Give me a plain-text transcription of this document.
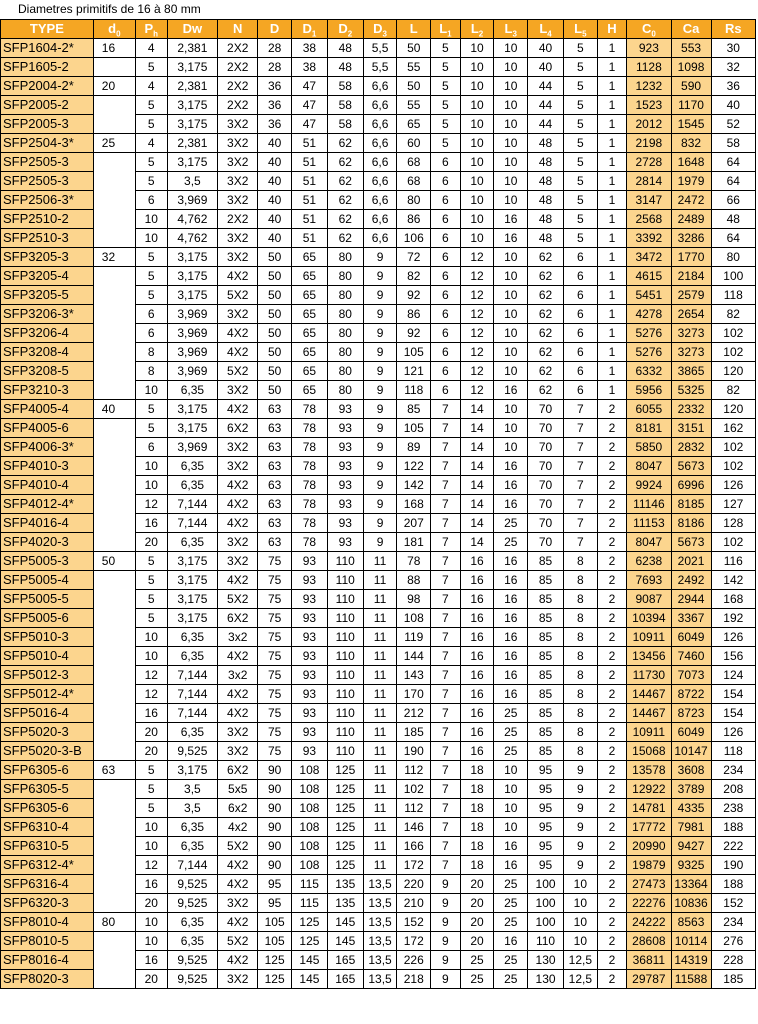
Diametres primitifs de 16 à 80 mm
TYPE	$d_0$	$P_h$	Dw	N	D	$D_1$	$D_2$	$D_3$	L	$L_1$	$L_2$	$L_3$	$L_4$	$L_5$	H	$C_0$	Ca	Rs
SFP1604-2*	16	4	2,381	2X2	28	38	48	5,5	50	5	10	10	40	5	1	923	553	30
SFP1605-2		5	3,175	2X2	28	38	48	5,5	55	5	10	10	40	5	1	1128	1098	32
SFP2004-2*	20	4	2,381	2X2	36	47	58	6,6	50	5	10	10	44	5	1	1232	590	36
SFP2005-2		5	3,175	2X2	36	47	58	6,6	55	5	10	10	44	5	1	1523	1170	40
SFP2005-3		5	3,175	3X2	36	47	58	6,6	65	5	10	10	44	5	1	2012	1545	52
SFP2504-3*	25	4	2,381	3X2	40	51	62	6,6	60	5	10	10	48	5	1	2198	832	58
SFP2505-3		5	3,175	3X2	40	51	62	6,6	68	6	10	10	48	5	1	2728	1648	64
SFP2505-3		5	3,5	3X2	40	51	62	6,6	68	6	10	10	48	5	1	2814	1979	64
SFP2506-3*		6	3,969	3X2	40	51	62	6,6	80	6	10	10	48	5	1	3147	2472	66
SFP2510-2		10	4,762	2X2	40	51	62	6,6	86	6	10	16	48	5	1	2568	2489	48
SFP2510-3		10	4,762	3X2	40	51	62	6,6	106	6	10	16	48	5	1	3392	3286	64
SFP3205-3	32	5	3,175	3X2	50	65	80	9	72	6	12	10	62	6	1	3472	1770	80
SFP3205-4		5	3,175	4X2	50	65	80	9	82	6	12	10	62	6	1	4615	2184	100
SFP3205-5		5	3,175	5X2	50	65	80	9	92	6	12	10	62	6	1	5451	2579	118
SFP3206-3*		6	3,969	3X2	50	65	80	9	86	6	12	10	62	6	1	4278	2654	82
SFP3206-4		6	3,969	4X2	50	65	80	9	92	6	12	10	62	6	1	5276	3273	102
SFP3208-4		8	3,969	4X2	50	65	80	9	105	6	12	10	62	6	1	5276	3273	102
SFP3208-5		8	3,969	5X2	50	65	80	9	121	6	12	10	62	6	1	6332	3865	120
SFP3210-3		10	6,35	3X2	50	65	80	9	118	6	12	16	62	6	1	5956	5325	82
SFP4005-4	40	5	3,175	4X2	63	78	93	9	85	7	14	10	70	7	2	6055	2332	120
SFP4005-6		5	3,175	6X2	63	78	93	9	105	7	14	10	70	7	2	8181	3151	162
SFP4006-3*		6	3,969	3X2	63	78	93	9	89	7	14	10	70	7	2	5850	2832	102
SFP4010-3		10	6,35	3X2	63	78	93	9	122	7	14	16	70	7	2	8047	5673	102
SFP4010-4		10	6,35	4X2	63	78	93	9	142	7	14	16	70	7	2	9924	6996	126
SFP4012-4*		12	7,144	4X2	63	78	93	9	168	7	14	16	70	7	2	11146	8185	127
SFP4016-4		16	7,144	4X2	63	78	93	9	207	7	14	25	70	7	2	11153	8186	128
SFP4020-3		20	6,35	3X2	63	78	93	9	181	7	14	25	70	7	2	8047	5673	102
SFP5005-3	50	5	3,175	3X2	75	93	110	11	78	7	16	16	85	8	2	6238	2021	116
SFP5005-4		5	3,175	4X2	75	93	110	11	88	7	16	16	85	8	2	7693	2492	142
SFP5005-5		5	3,175	5X2	75	93	110	11	98	7	16	16	85	8	2	9087	2944	168
SFP5005-6		5	3,175	6X2	75	93	110	11	108	7	16	16	85	8	2	10394	3367	192
SFP5010-3		10	6,35	3x2	75	93	110	11	119	7	16	16	85	8	2	10911	6049	126
SFP5010-4		10	6,35	4X2	75	93	110	11	144	7	16	16	85	8	2	13456	7460	156
SFP5012-3		12	7,144	3x2	75	93	110	11	143	7	16	16	85	8	2	11730	7073	124
SFP5012-4*		12	7,144	4X2	75	93	110	11	170	7	16	16	85	8	2	14467	8722	154
SFP5016-4		16	7,144	4X2	75	93	110	11	212	7	16	25	85	8	2	14467	8723	154
SFP5020-3		20	6,35	3X2	75	93	110	11	185	7	16	25	85	8	2	10911	6049	126
SFP5020-3-B		20	9,525	3X2	75	93	110	11	190	7	16	25	85	8	2	15068	10147	118
SFP6305-6	63	5	3,175	6X2	90	108	125	11	112	7	18	10	95	9	2	13578	3608	234
SFP6305-5		5	3,5	5x5	90	108	125	11	102	7	18	10	95	9	2	12922	3789	208
SFP6305-6		5	3,5	6x2	90	108	125	11	112	7	18	10	95	9	2	14781	4335	238
SFP6310-4		10	6,35	4x2	90	108	125	11	146	7	18	10	95	9	2	17772	7981	188
SFP6310-5		10	6,35	5X2	90	108	125	11	166	7	18	16	95	9	2	20990	9427	222
SFP6312-4*		12	7,144	4X2	90	108	125	11	172	7	18	16	95	9	2	19879	9325	190
SFP6316-4		16	9,525	4X2	95	115	135	13,5	220	9	20	25	100	10	2	27473	13364	188
SFP6320-3		20	9,525	3X2	95	115	135	13,5	210	9	20	25	100	10	2	22276	10836	152
SFP8010-4	80	10	6,35	4X2	105	125	145	13,5	152	9	20	25	100	10	2	24222	8563	234
SFP8010-5		10	6,35	5X2	105	125	145	13,5	172	9	20	16	110	10	2	28608	10114	276
SFP8016-4		16	9,525	4X2	125	145	165	13,5	226	9	25	25	130	12,5	2	36811	14319	228
SFP8020-3		20	9,525	3X2	125	145	165	13,5	218	9	25	25	130	12,5	2	29787	11588	185
